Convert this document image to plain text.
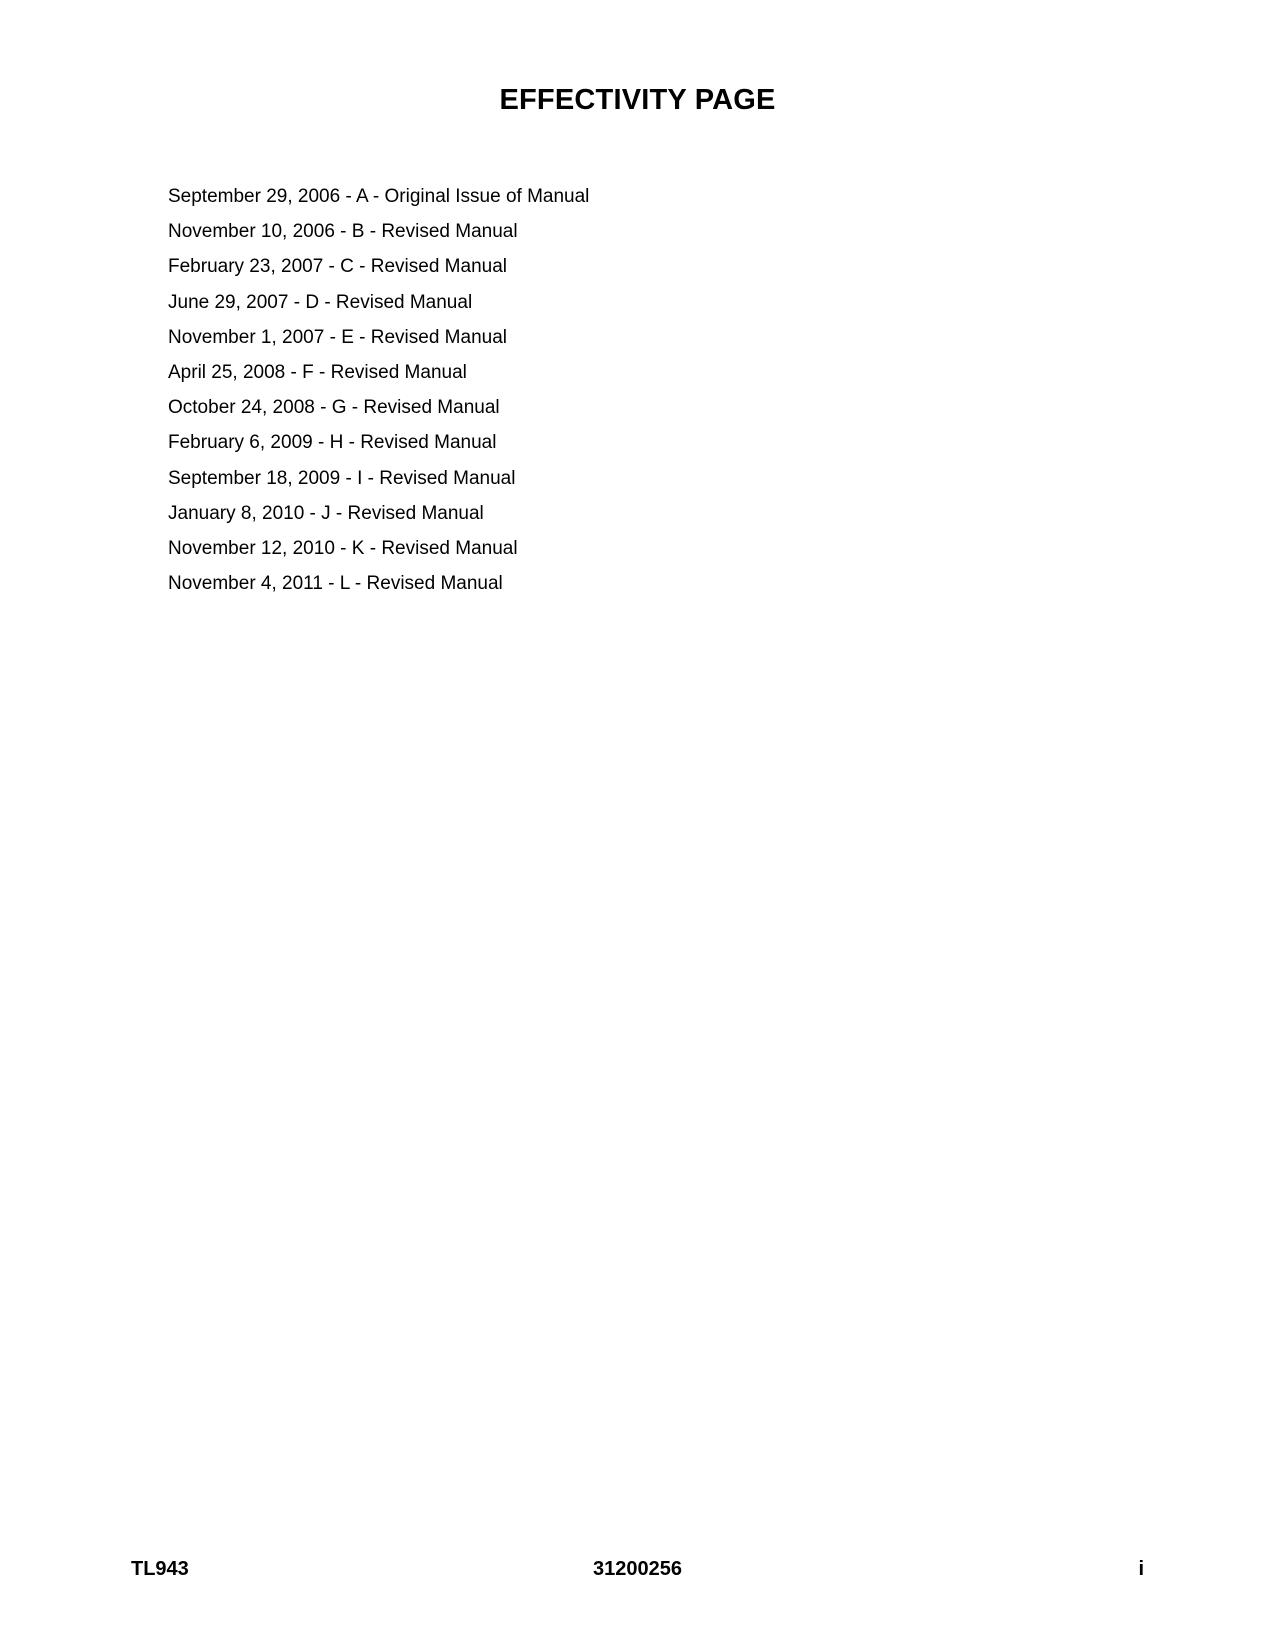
EFFECTIVITY PAGE
September 29, 2006 - A - Original Issue of Manual
November 10, 2006 - B - Revised Manual
February 23, 2007 - C - Revised Manual
June 29, 2007 - D - Revised Manual
November 1, 2007 - E - Revised Manual
April 25, 2008 - F - Revised Manual
October 24, 2008 - G - Revised Manual
February 6, 2009 - H - Revised Manual
September 18, 2009 - I - Revised Manual
January 8, 2010 - J - Revised Manual
November 12, 2010 - K - Revised Manual
November 4, 2011 - L - Revised Manual
31200256
TL943	i
